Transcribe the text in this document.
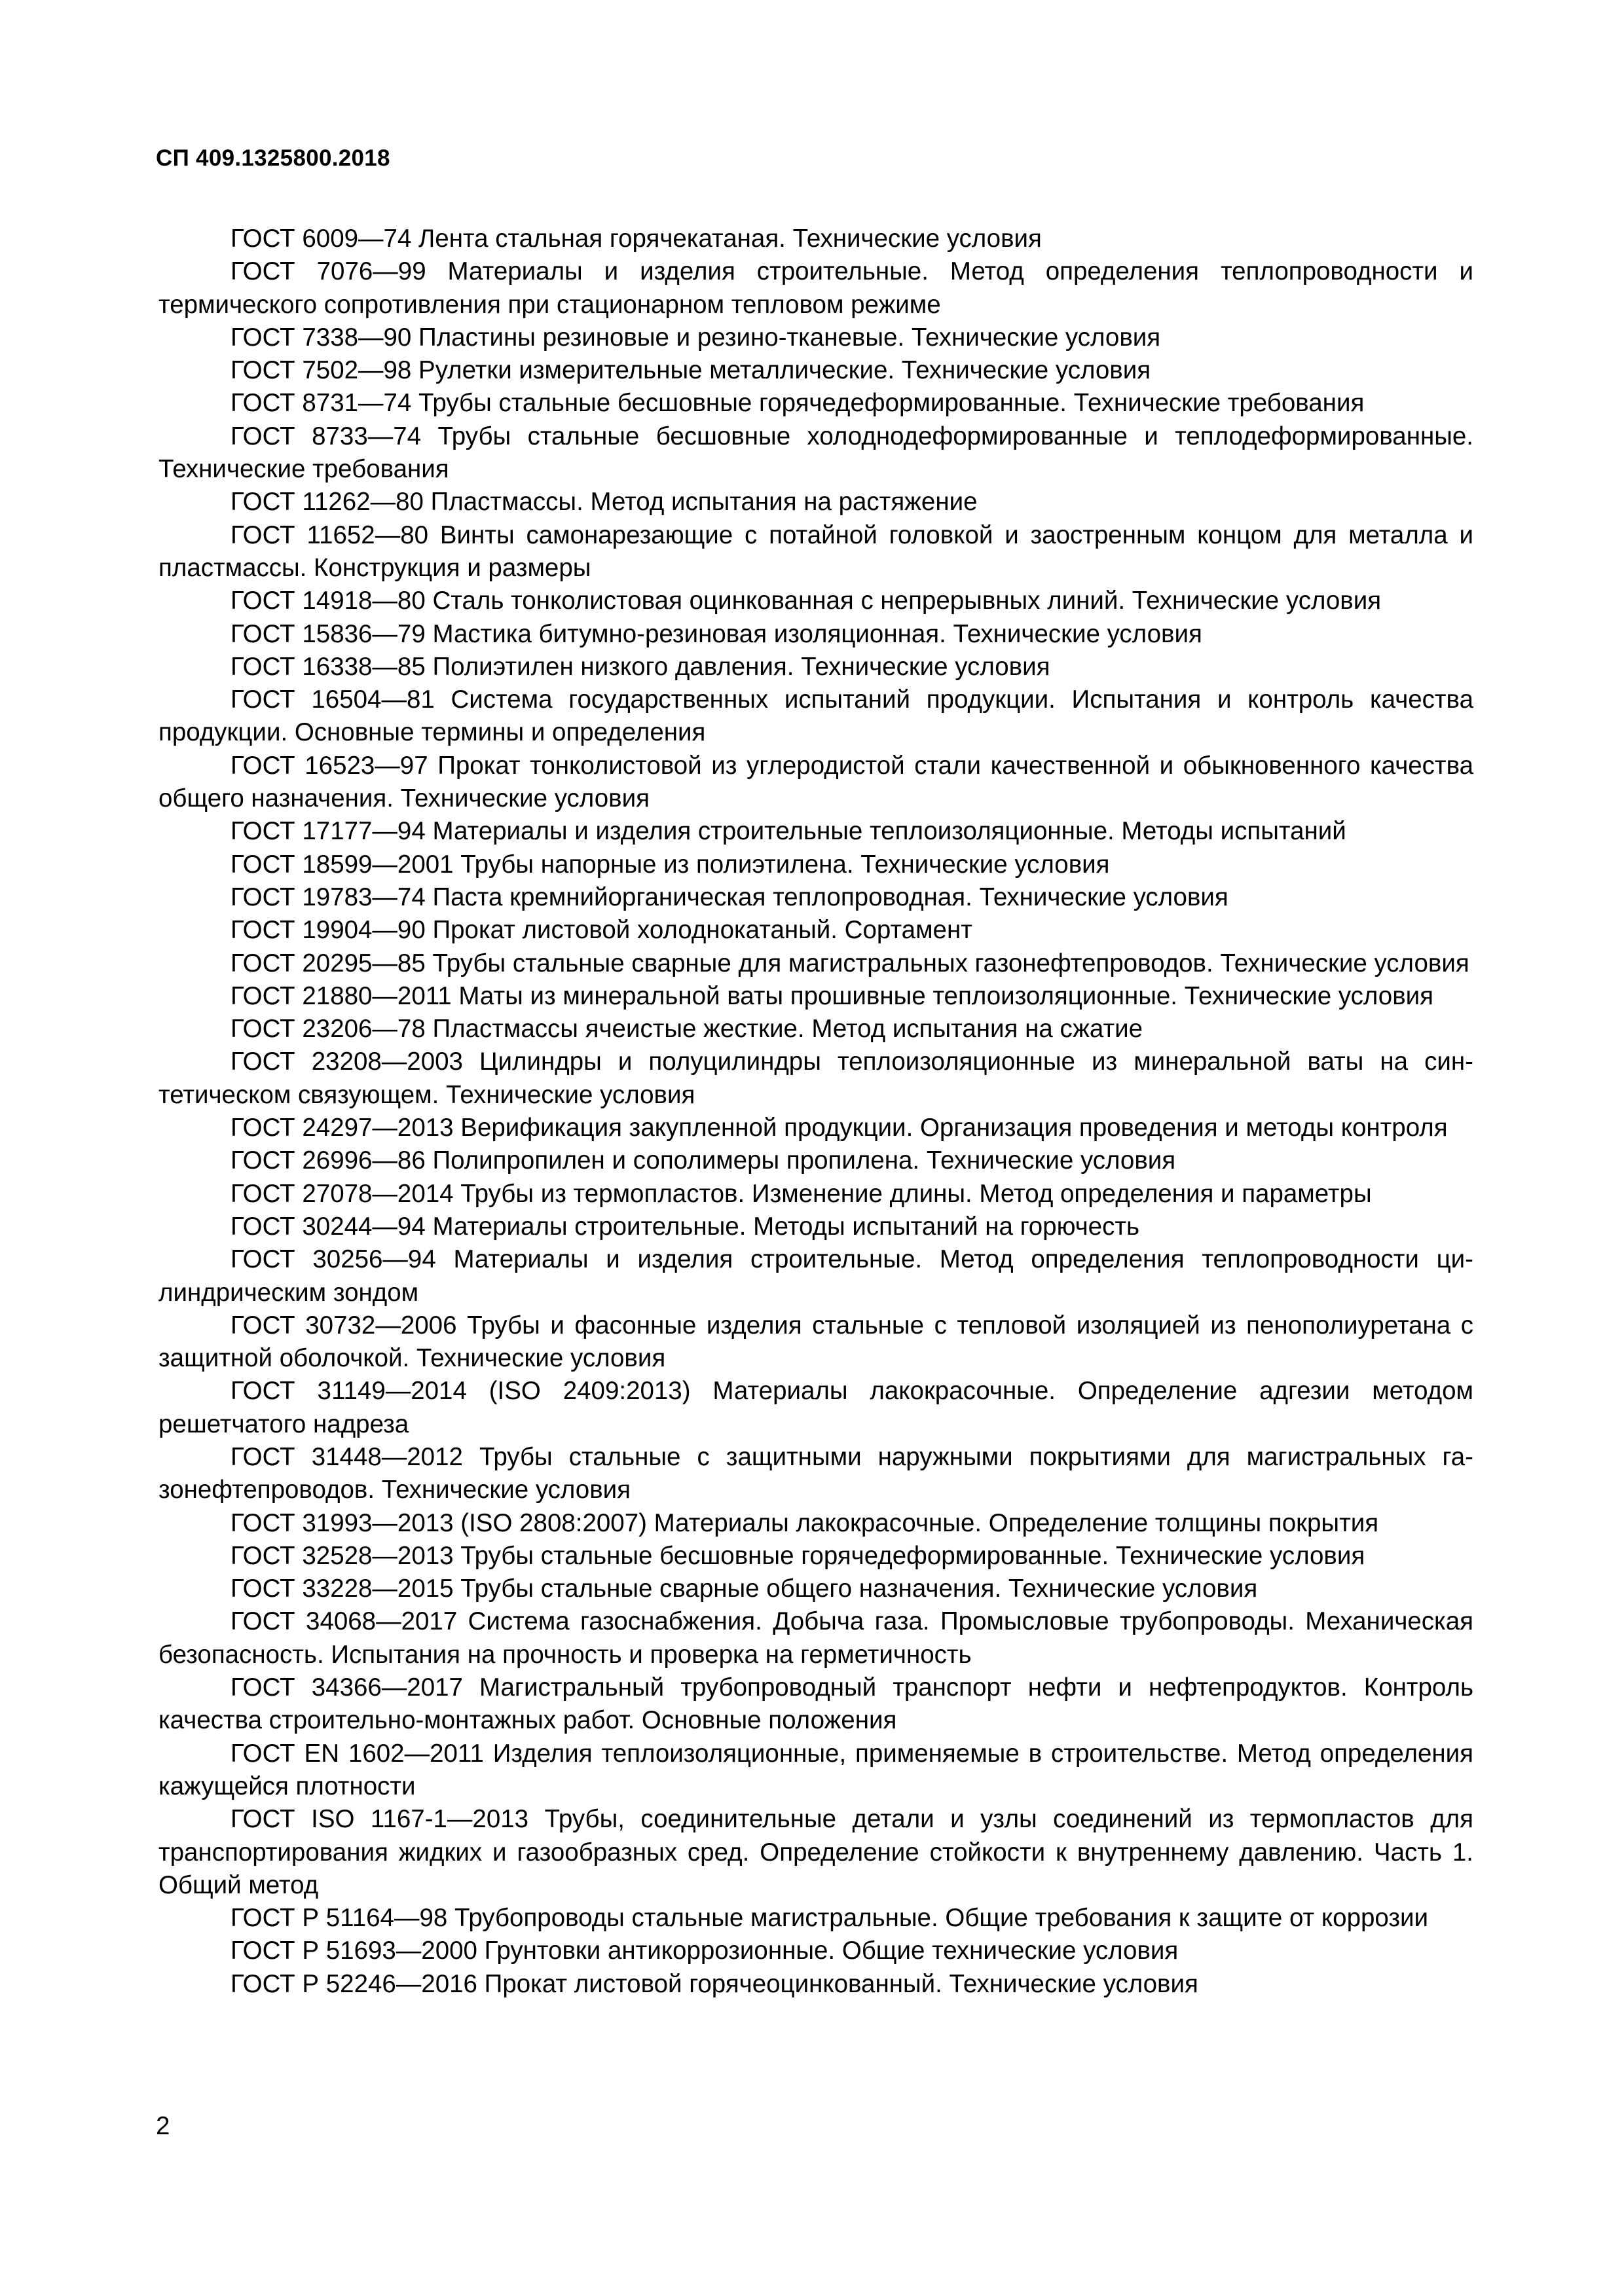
СП 409.1325800.2018

ГОСТ 6009—74 Лента стальная горячекатаная. Технические условия

ГОСТ 7076—99 Материалы и изделия строительные. Метод определения теплопроводности и термического сопротивления при стационарном тепловом режиме

ГОСТ 7338—90 Пластины резиновые и резино-тканевые. Технические условия

ГОСТ 7502—98 Рулетки измерительные металлические. Технические условия

ГОСТ 8731—74 Трубы стальные бесшовные горячедеформированные. Технические требования

ГОСТ 8733—74 Трубы стальные бесшовные холоднодеформированные и теплодеформированные. Технические требования

ГОСТ 11262—80 Пластмассы. Метод испытания на растяжение

ГОСТ 11652—80 Винты самонарезающие с потайной головкой и заостренным концом для металла и пластмассы. Конструкция и размеры

ГОСТ 14918—80 Сталь тонколистовая оцинкованная с непрерывных линий. Технические условия

ГОСТ 15836—79 Мастика битумно-резиновая изоляционная. Технические условия

ГОСТ 16338—85 Полиэтилен низкого давления. Технические условия

ГОСТ 16504—81 Система государственных испытаний продукции. Испытания и контроль качества продукции. Основные термины и определения

ГОСТ 16523—97 Прокат тонколистовой из углеродистой стали качественной и обыкновенного качества общего назначения. Технические условия

ГОСТ 17177—94 Материалы и изделия строительные теплоизоляционные. Методы испытаний

ГОСТ 18599—2001 Трубы напорные из полиэтилена. Технические условия

ГОСТ 19783—74 Паста кремнийорганическая теплопроводная. Технические условия

ГОСТ 19904—90 Прокат листовой холоднокатаный. Сортамент

ГОСТ 20295—85 Трубы стальные сварные для магистральных газонефтепроводов. Технические условия

ГОСТ 21880—2011 Маты из минеральной ваты прошивные теплоизоляционные. Технические условия

ГОСТ 23206—78 Пластмассы ячеистые жесткие. Метод испытания на сжатие

ГОСТ 23208—2003 Цилиндры и полуцилиндры теплоизоляционные из минеральной ваты на синтетическом связующем. Технические условия

ГОСТ 24297—2013 Верификация закупленной продукции. Организация проведения и методы контроля

ГОСТ 26996—86 Полипропилен и сополимеры пропилена. Технические условия

ГОСТ 27078—2014 Трубы из термопластов. Изменение длины. Метод определения и параметры

ГОСТ 30244—94 Материалы строительные. Методы испытаний на горючесть

ГОСТ 30256—94 Материалы и изделия строительные. Метод определения теплопроводности цилиндрическим зондом

ГОСТ 30732—2006 Трубы и фасонные изделия стальные с тепловой изоляцией из пенополиуретана с защитной оболочкой. Технические условия

ГОСТ 31149—2014 (ISO 2409:2013) Материалы лакокрасочные. Определение адгезии методом решетчатого надреза

ГОСТ 31448—2012 Трубы стальные с защитными наружными покрытиями для магистральных газонефтепроводов. Технические условия

ГОСТ 31993—2013 (ISO 2808:2007) Материалы лакокрасочные. Определение толщины покрытия

ГОСТ 32528—2013 Трубы стальные бесшовные горячедеформированные. Технические условия

ГОСТ 33228—2015 Трубы стальные сварные общего назначения. Технические условия

ГОСТ 34068—2017 Система газоснабжения. Добыча газа. Промысловые трубопроводы. Механическая безопасность. Испытания на прочность и проверка на герметичность

ГОСТ 34366—2017 Магистральный трубопроводный транспорт нефти и нефтепродуктов. Контроль качества строительно-монтажных работ. Основные положения

ГОСТ EN 1602—2011 Изделия теплоизоляционные, применяемые в строительстве. Метод определения кажущейся плотности

ГОСТ ISO 1167-1—2013 Трубы, соединительные детали и узлы соединений из термопластов для транспортирования жидких и газообразных сред. Определение стойкости к внутреннему давлению. Часть 1. Общий метод

ГОСТ Р 51164—98 Трубопроводы стальные магистральные. Общие требования к защите от коррозии

ГОСТ Р 51693—2000 Грунтовки антикоррозионные. Общие технические условия

ГОСТ Р 52246—2016 Прокат листовой горячеоцинкованный. Технические условия

2
